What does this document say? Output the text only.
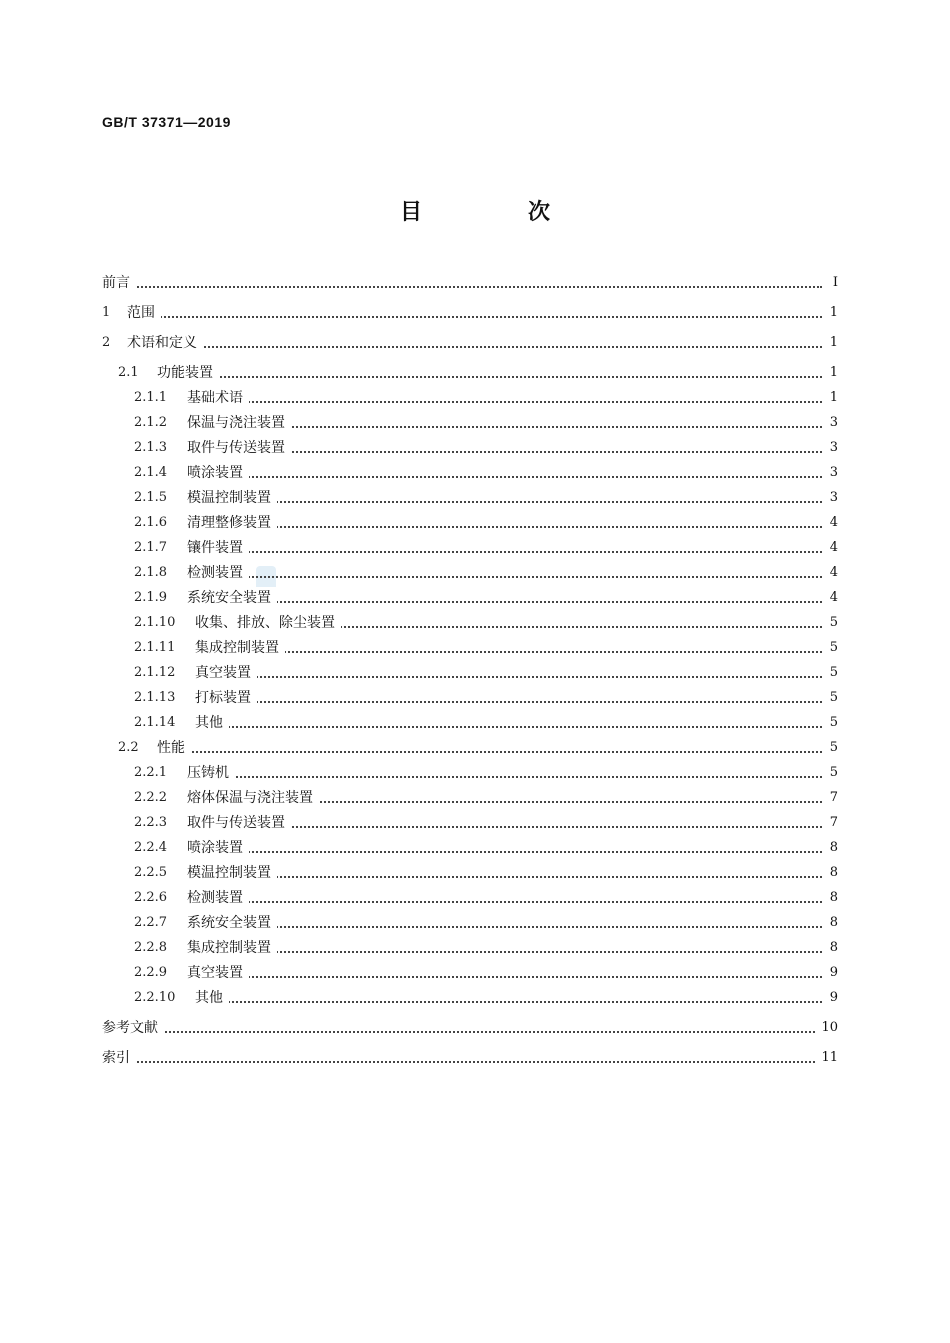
GB/T 37371—2019
目　次
前言	Ⅰ
1 范围	1
2 术语和定义	1
2.1 功能装置	1
2.1.1 基础术语	1
2.1.2 保温与浇注装置	3
2.1.3 取件与传送装置	3
2.1.4 喷涂装置	3
2.1.5 模温控制装置	3
2.1.6 清理整修装置	4
2.1.7 镶件装置	4
2.1.8 检测装置	4
2.1.9 系统安全装置	4
2.1.10 收集、排放、除尘装置	5
2.1.11 集成控制装置	5
2.1.12 真空装置	5
2.1.13 打标装置	5
2.1.14 其他	5
2.2 性能	5
2.2.1 压铸机	5
2.2.2 熔体保温与浇注装置	7
2.2.3 取件与传送装置	7
2.2.4 喷涂装置	8
2.2.5 模温控制装置	8
2.2.6 检测装置	8
2.2.7 系统安全装置	8
2.2.8 集成控制装置	8
2.2.9 真空装置	9
2.2.10 其他	9
参考文献	10
索引	11
